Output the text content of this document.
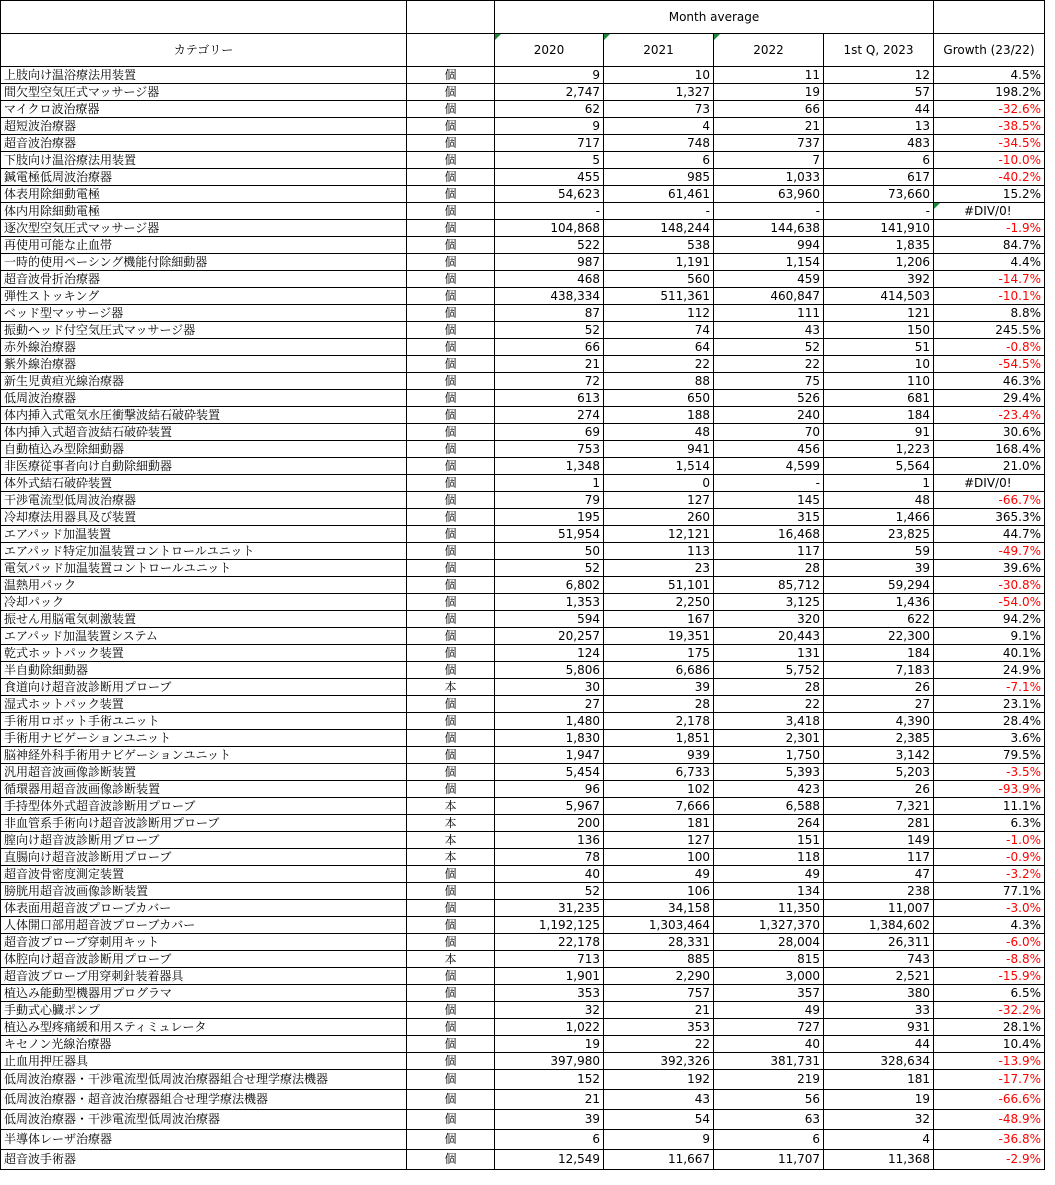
		Month average				
カテゴリー		2020	2021	2022	1st Q, 2023	Growth (23/22)
上肢向け温浴療法用装置	個	9	10	11	12	4.5%
間欠型空気圧式マッサージ器	個	2,747	1,327	19	57	198.2%
マイクロ波治療器	個	62	73	66	44	-32.6%
超短波治療器	個	9	4	21	13	-38.5%
超音波治療器	個	717	748	737	483	-34.5%
下肢向け温浴療法用装置	個	5	6	7	6	-10.0%
鍼電極低周波治療器	個	455	985	1,033	617	-40.2%
体表用除細動電極	個	54,623	61,461	63,960	73,660	15.2%
体内用除細動電極	個	-	-	-	-	#DIV/0!
逐次型空気圧式マッサージ器	個	104,868	148,244	144,638	141,910	-1.9%
再使用可能な止血帯	個	522	538	994	1,835	84.7%
一時的使用ペーシング機能付除細動器	個	987	1,191	1,154	1,206	4.4%
超音波骨折治療器	個	468	560	459	392	-14.7%
弾性ストッキング	個	438,334	511,361	460,847	414,503	-10.1%
ベッド型マッサージ器	個	87	112	111	121	8.8%
振動ヘッド付空気圧式マッサージ器	個	52	74	43	150	245.5%
赤外線治療器	個	66	64	52	51	-0.8%
紫外線治療器	個	21	22	22	10	-54.5%
新生児黄疸光線治療器	個	72	88	75	110	46.3%
低周波治療器	個	613	650	526	681	29.4%
体内挿入式電気水圧衝撃波結石破砕装置	個	274	188	240	184	-23.4%
体内挿入式超音波結石破砕装置	個	69	48	70	91	30.6%
自動植込み型除細動器	個	753	941	456	1,223	168.4%
非医療従事者向け自動除細動器	個	1,348	1,514	4,599	5,564	21.0%
体外式結石破砕装置	個	1	0	-	1	#DIV/0!
干渉電流型低周波治療器	個	79	127	145	48	-66.7%
冷却療法用器具及び装置	個	195	260	315	1,466	365.3%
エアパッド加温装置	個	51,954	12,121	16,468	23,825	44.7%
エアパッド特定加温装置コントロールユニット	個	50	113	117	59	-49.7%
電気パッド加温装置コントロールユニット	個	52	23	28	39	39.6%
温熱用パック	個	6,802	51,101	85,712	59,294	-30.8%
冷却パック	個	1,353	2,250	3,125	1,436	-54.0%
振せん用脳電気刺激装置	個	594	167	320	622	94.2%
エアパッド加温装置システム	個	20,257	19,351	20,443	22,300	9.1%
乾式ホットパック装置	個	124	175	131	184	40.1%
半自動除細動器	個	5,806	6,686	5,752	7,183	24.9%
食道向け超音波診断用プローブ	本	30	39	28	26	-7.1%
湿式ホットパック装置	個	27	28	22	27	23.1%
手術用ロボット手術ユニット	個	1,480	2,178	3,418	4,390	28.4%
手術用ナビゲーションユニット	個	1,830	1,851	2,301	2,385	3.6%
脳神経外科手術用ナビゲーションユニット	個	1,947	939	1,750	3,142	79.5%
汎用超音波画像診断装置	個	5,454	6,733	5,393	5,203	-3.5%
循環器用超音波画像診断装置	個	96	102	423	26	-93.9%
手持型体外式超音波診断用プローブ	本	5,967	7,666	6,588	7,321	11.1%
非血管系手術向け超音波診断用プローブ	本	200	181	264	281	6.3%
膣向け超音波診断用プローブ	本	136	127	151	149	-1.0%
直腸向け超音波診断用プローブ	本	78	100	118	117	-0.9%
超音波骨密度測定装置	個	40	49	49	47	-3.2%
膀胱用超音波画像診断装置	個	52	106	134	238	77.1%
体表面用超音波プローブカバー	個	31,235	34,158	11,350	11,007	-3.0%
人体開口部用超音波プローブカバー	個	1,192,125	1,303,464	1,327,370	1,384,602	4.3%
超音波プローブ穿刺用キット	個	22,178	28,331	28,004	26,311	-6.0%
体腔向け超音波診断用プローブ	本	713	885	815	743	-8.8%
超音波プローブ用穿刺針装着器具	個	1,901	2,290	3,000	2,521	-15.9%
植込み能動型機器用プログラマ	個	353	757	357	380	6.5%
手動式心臓ポンプ	個	32	21	49	33	-32.2%
植込み型疼痛緩和用スティミュレータ	個	1,022	353	727	931	28.1%
キセノン光線治療器	個	19	22	40	44	10.4%
止血用押圧器具	個	397,980	392,326	381,731	328,634	-13.9%
低周波治療器・干渉電流型低周波治療器組合せ理学療法機器	個	152	192	219	181	-17.7%
低周波治療器・超音波治療器組合せ理学療法機器	個	21	43	56	19	-66.6%
低周波治療器・干渉電流型低周波治療器	個	39	54	63	32	-48.9%
半導体レーザ治療器	個	6	9	6	4	-36.8%
超音波手術器	個	12,549	11,667	11,707	11,368	-2.9%
